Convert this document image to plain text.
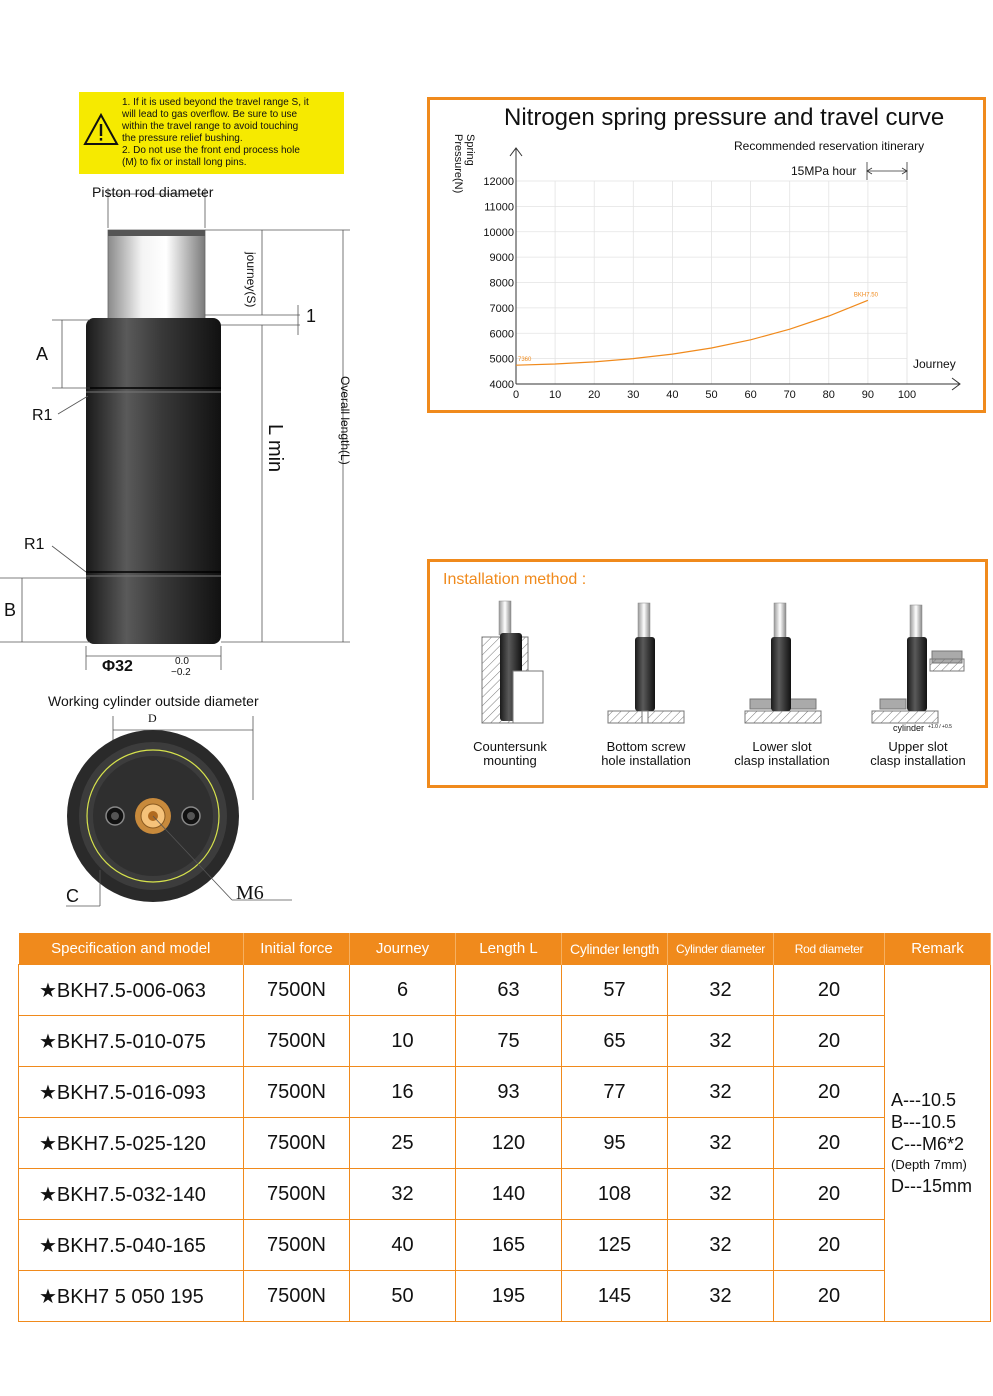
1. If it is used beyond the travel range S, it
will lead to gas overflow. Be sure to use
within the travel range to avoid touching
the pressure relief bushing.
2. Do not use the front end process hole
(M) to fix or install long pins.
Piston rod diameter
journey(S)
1
A
R1
L min	Overall length(L)
R1
B
Φ32	0.0
−0.2
Working cylinder outside diameter
D
C	M6
Nitrogen spring pressure and travel curve
Spring Pressure(N)	Recommended reservation itinerary
15MPa hour
Journey
0	10 20 30 40 50 60 70 80 90 100
4000
5000
6000
7000
8000
9000
10000
11000
12000
7360
BKH7.50
Installation method :
cylinder +1.0 / +0.5
Countersunk
mounting
Bottom screw
hole installation
Lower slot
clasp installation
Upper slot
clasp installation
Specification and model	Initial force	Journey	Length L	Cylinder length	Cylinder diameter	Rod diameter	Remark
★BKH7.5-006-063	7500N	6	63	57	32	20	A---10.5
B---10.5
C---M6*2
(Depth 7mm)
D---15mm

★BKH7.5-010-075	7500N	10	75	65	32	20	
★BKH7.5-016-093	7500N	16	93	77	32	20	
★BKH7.5-025-120	7500N	25	120	95	32	20	
★BKH7.5-032-140	7500N	32	140	108	32	20	
★BKH7.5-040-165	7500N	40	165	125	32	20	
★BKH7 5 050 195	7500N	50	195	145	32	20	
